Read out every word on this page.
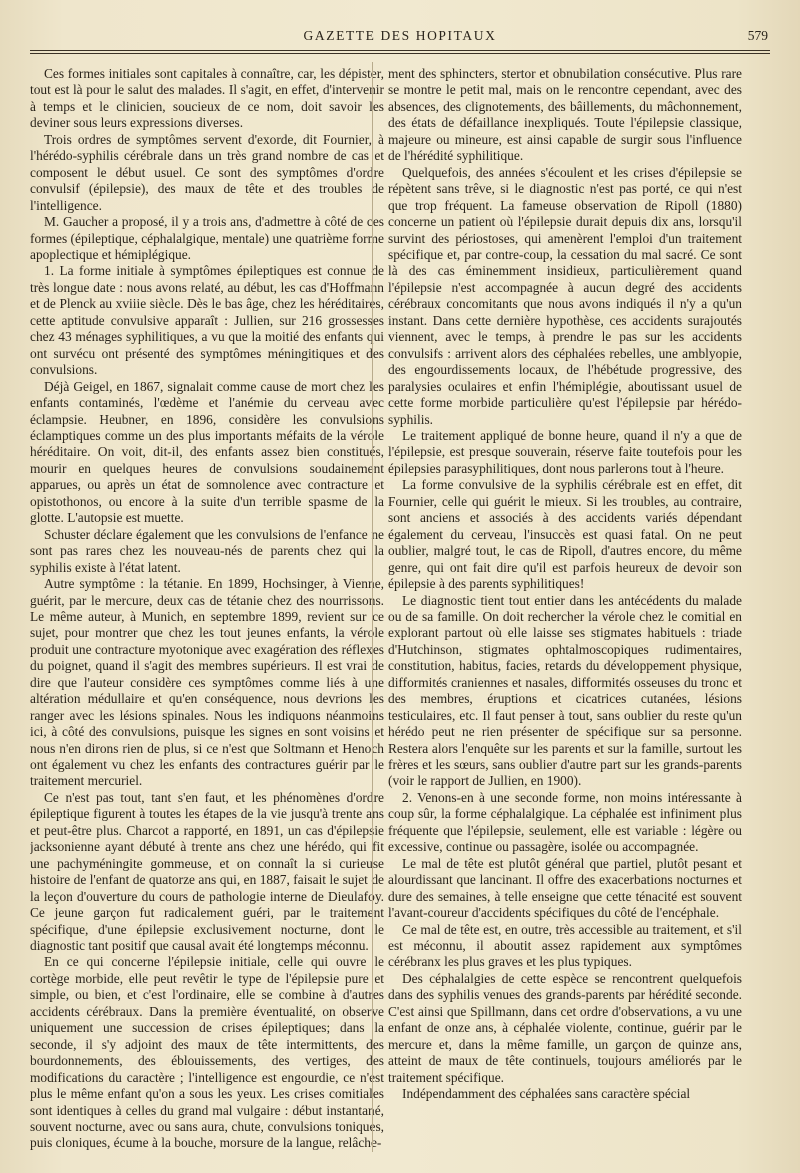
GAZETTE DES HOPITAUX	579

Ces formes initiales sont capitales à connaître, car, les dépister, tout est là pour le salut des malades. Il s'agit, en effet, d'intervenir à temps et le clinicien, soucieux de ce nom, doit savoir les deviner sous leurs expressions diverses.

Trois ordres de symptômes servent d'exorde, dit Fournier, à l'hérédo-syphilis cérébrale dans un très grand nombre de cas et composent le début usuel. Ce sont des symptômes d'ordre convulsif (épilepsie), des maux de tête et des troubles de l'intelligence.

M. Gaucher a proposé, il y a trois ans, d'admettre à côté de ces formes (épileptique, céphalalgique, mentale) une quatrième forme apoplectique et hémiplégique.

1. La forme initiale à symptômes épileptiques est connue de très longue date : nous avons relaté, au début, les cas d'Hoffmann et de Plenck au xviiie siècle. Dès le bas âge, chez les héréditaires, cette aptitude convulsive apparaît : Jullien, sur 216 grossesses chez 43 ménages syphilitiques, a vu que la moitié des enfants qui ont survécu ont présenté des symptômes méningitiques et des convulsions.

Déjà Geigel, en 1867, signalait comme cause de mort chez les enfants contaminés, l'œdème et l'anémie du cerveau avec éclampsie. Heubner, en 1896, considère les convulsions éclamptiques comme un des plus importants méfaits de la vérole héréditaire. On voit, dit-il, des enfants assez bien constitués, mourir en quelques heures de convulsions soudainement apparues, ou après un état de somnolence avec contracture et opistothonos, ou encore à la suite d'un terrible spasme de la glotte. L'autopsie est muette.

Schuster déclare également que les convulsions de l'enfance ne sont pas rares chez les nouveau-nés de parents chez qui la syphilis existe à l'état latent.

Autre symptôme : la tétanie. En 1899, Hochsinger, à Vienne, guérit, par le mercure, deux cas de tétanie chez des nourrissons. Le même auteur, à Munich, en septembre 1899, revient sur ce sujet, pour montrer que chez les tout jeunes enfants, la vérole produit une contracture myotonique avec exagération des réflexes du poignet, quand il s'agit des membres supérieurs. Il est vrai de dire que l'auteur considère ces symptômes comme liés à une altération médullaire et qu'en conséquence, nous devrions les ranger avec les lésions spinales. Nous les indiquons néanmoins ici, à côté des convulsions, puisque les signes en sont voisins et nous n'en dirons rien de plus, si ce n'est que Soltmann et Henoch ont également vu chez les enfants des contractures guérir par le traitement mercuriel.

Ce n'est pas tout, tant s'en faut, et les phénomènes d'ordre épileptique figurent à toutes les étapes de la vie jusqu'à trente ans et peut-être plus. Charcot a rapporté, en 1891, un cas d'épilepsie jacksonienne ayant débuté à trente ans chez une hérédo, qui fit une pachyméningite gommeuse, et on connaît la si curieuse histoire de l'enfant de quatorze ans qui, en 1887, faisait le sujet de la leçon d'ouverture du cours de pathologie interne de Dieulafoy. Ce jeune garçon fut radicalement guéri, par le traitement spécifique, d'une épilepsie exclusivement nocturne, dont le diagnostic tant positif que causal avait été longtemps méconnu.

En ce qui concerne l'épilepsie initiale, celle qui ouvre le cortège morbide, elle peut revêtir le type de l'épilepsie pure et simple, ou bien, et c'est l'ordinaire, elle se combine à d'autres accidents cérébraux. Dans la première éventualité, on observe uniquement une succession de crises épileptiques; dans la seconde, il s'y adjoint des maux de tête intermittents, des bourdonnements, des éblouissements, des vertiges, des modifications du caractère ; l'intelligence est engourdie, ce n'est plus le même enfant qu'on a sous les yeux. Les crises comitiales sont identiques à celles du grand mal vulgaire : début instantané, souvent nocturne, avec ou sans aura, chute, convulsions toniques, puis cloniques, écume à la bouche, morsure de la langue, relâche-

ment des sphincters, stertor et obnubilation consécutive. Plus rare se montre le petit mal, mais on le rencontre cependant, avec des absences, des clignotements, des bâillements, du mâchonnement, des états de défaillance inexpliqués. Toute l'épilepsie classique, majeure ou mineure, est ainsi capable de surgir sous l'influence de l'hérédité syphilitique.

Quelquefois, des années s'écoulent et les crises d'épilepsie se répètent sans trêve, si le diagnostic n'est pas porté, ce qui n'est que trop fréquent. La fameuse observation de Ripoll (1880) concerne un patient où l'épilepsie durait depuis dix ans, lorsqu'il survint des périostoses, qui amenèrent l'emploi d'un traitement spécifique et, par contre-coup, la cessation du mal sacré. Ce sont là des cas éminemment insidieux, particulièrement quand l'épilepsie n'est accompagnée à aucun degré des accidents cérébraux concomitants que nous avons indiqués il n'y a qu'un instant. Dans cette dernière hypothèse, ces accidents surajoutés viennent, avec le temps, à prendre le pas sur les accidents convulsifs : arrivent alors des céphalées rebelles, une amblyopie, des engourdissements locaux, de l'hébétude progressive, des paralysies oculaires et enfin l'hémiplégie, aboutissant usuel de cette forme morbide particulière qu'est l'épilepsie par hérédo-syphilis.

Le traitement appliqué de bonne heure, quand il n'y a que de l'épilepsie, est presque souverain, réserve faite toutefois pour les épilepsies parasyphilitiques, dont nous parlerons tout à l'heure.

La forme convulsive de la syphilis cérébrale est en effet, dit Fournier, celle qui guérit le mieux. Si les troubles, au contraire, sont anciens et associés à des accidents variés dépendant également du cerveau, l'insuccès est quasi fatal. On ne peut oublier, malgré tout, le cas de Ripoll, d'autres encore, du même genre, qui ont fait dire qu'il est parfois heureux de devoir son épilepsie à des parents syphilitiques!

Le diagnostic tient tout entier dans les antécédents du malade ou de sa famille. On doit rechercher la vérole chez le comitial en explorant partout où elle laisse ses stigmates habituels : triade d'Hutchinson, stigmates ophtalmoscopiques rudimentaires, constitution, habitus, facies, retards du développement physique, difformités craniennes et nasales, difformités osseuses du tronc et des membres, éruptions et cicatrices cutanées, lésions testiculaires, etc. Il faut penser à tout, sans oublier du reste qu'un hérédo peut ne rien présenter de spécifique sur sa personne. Restera alors l'enquête sur les parents et sur la famille, surtout les frères et les sœurs, sans oublier d'autre part sur les grands-parents (voir le rapport de Jullien, en 1900).

2. Venons-en à une seconde forme, non moins intéressante à coup sûr, la forme céphalalgique. La céphalée est infiniment plus fréquente que l'épilepsie, seulement, elle est variable : légère ou excessive, continue ou passagère, isolée ou accompagnée.

Le mal de tête est plutôt général que partiel, plutôt pesant et alourdissant que lancinant. Il offre des exacerbations nocturnes et dure des semaines, à telle enseigne que cette ténacité est souvent l'avant-coureur d'accidents spécifiques du côté de l'encéphale.

Ce mal de tête est, en outre, très accessible au traitement, et s'il est méconnu, il aboutit assez rapidement aux symptômes cérébranx les plus graves et les plus typiques.

Des céphalalgies de cette espèce se rencontrent quelquefois dans des syphilis venues des grands-parents par hérédité seconde. C'est ainsi que Spillmann, dans cet ordre d'observations, a vu une enfant de onze ans, à céphalée violente, continue, guérir par le mercure et, dans la même famille, un garçon de quinze ans, atteint de maux de tête continuels, toujours améliorés par le traitement spécifique.

Indépendamment des céphalées sans caractère spécial
